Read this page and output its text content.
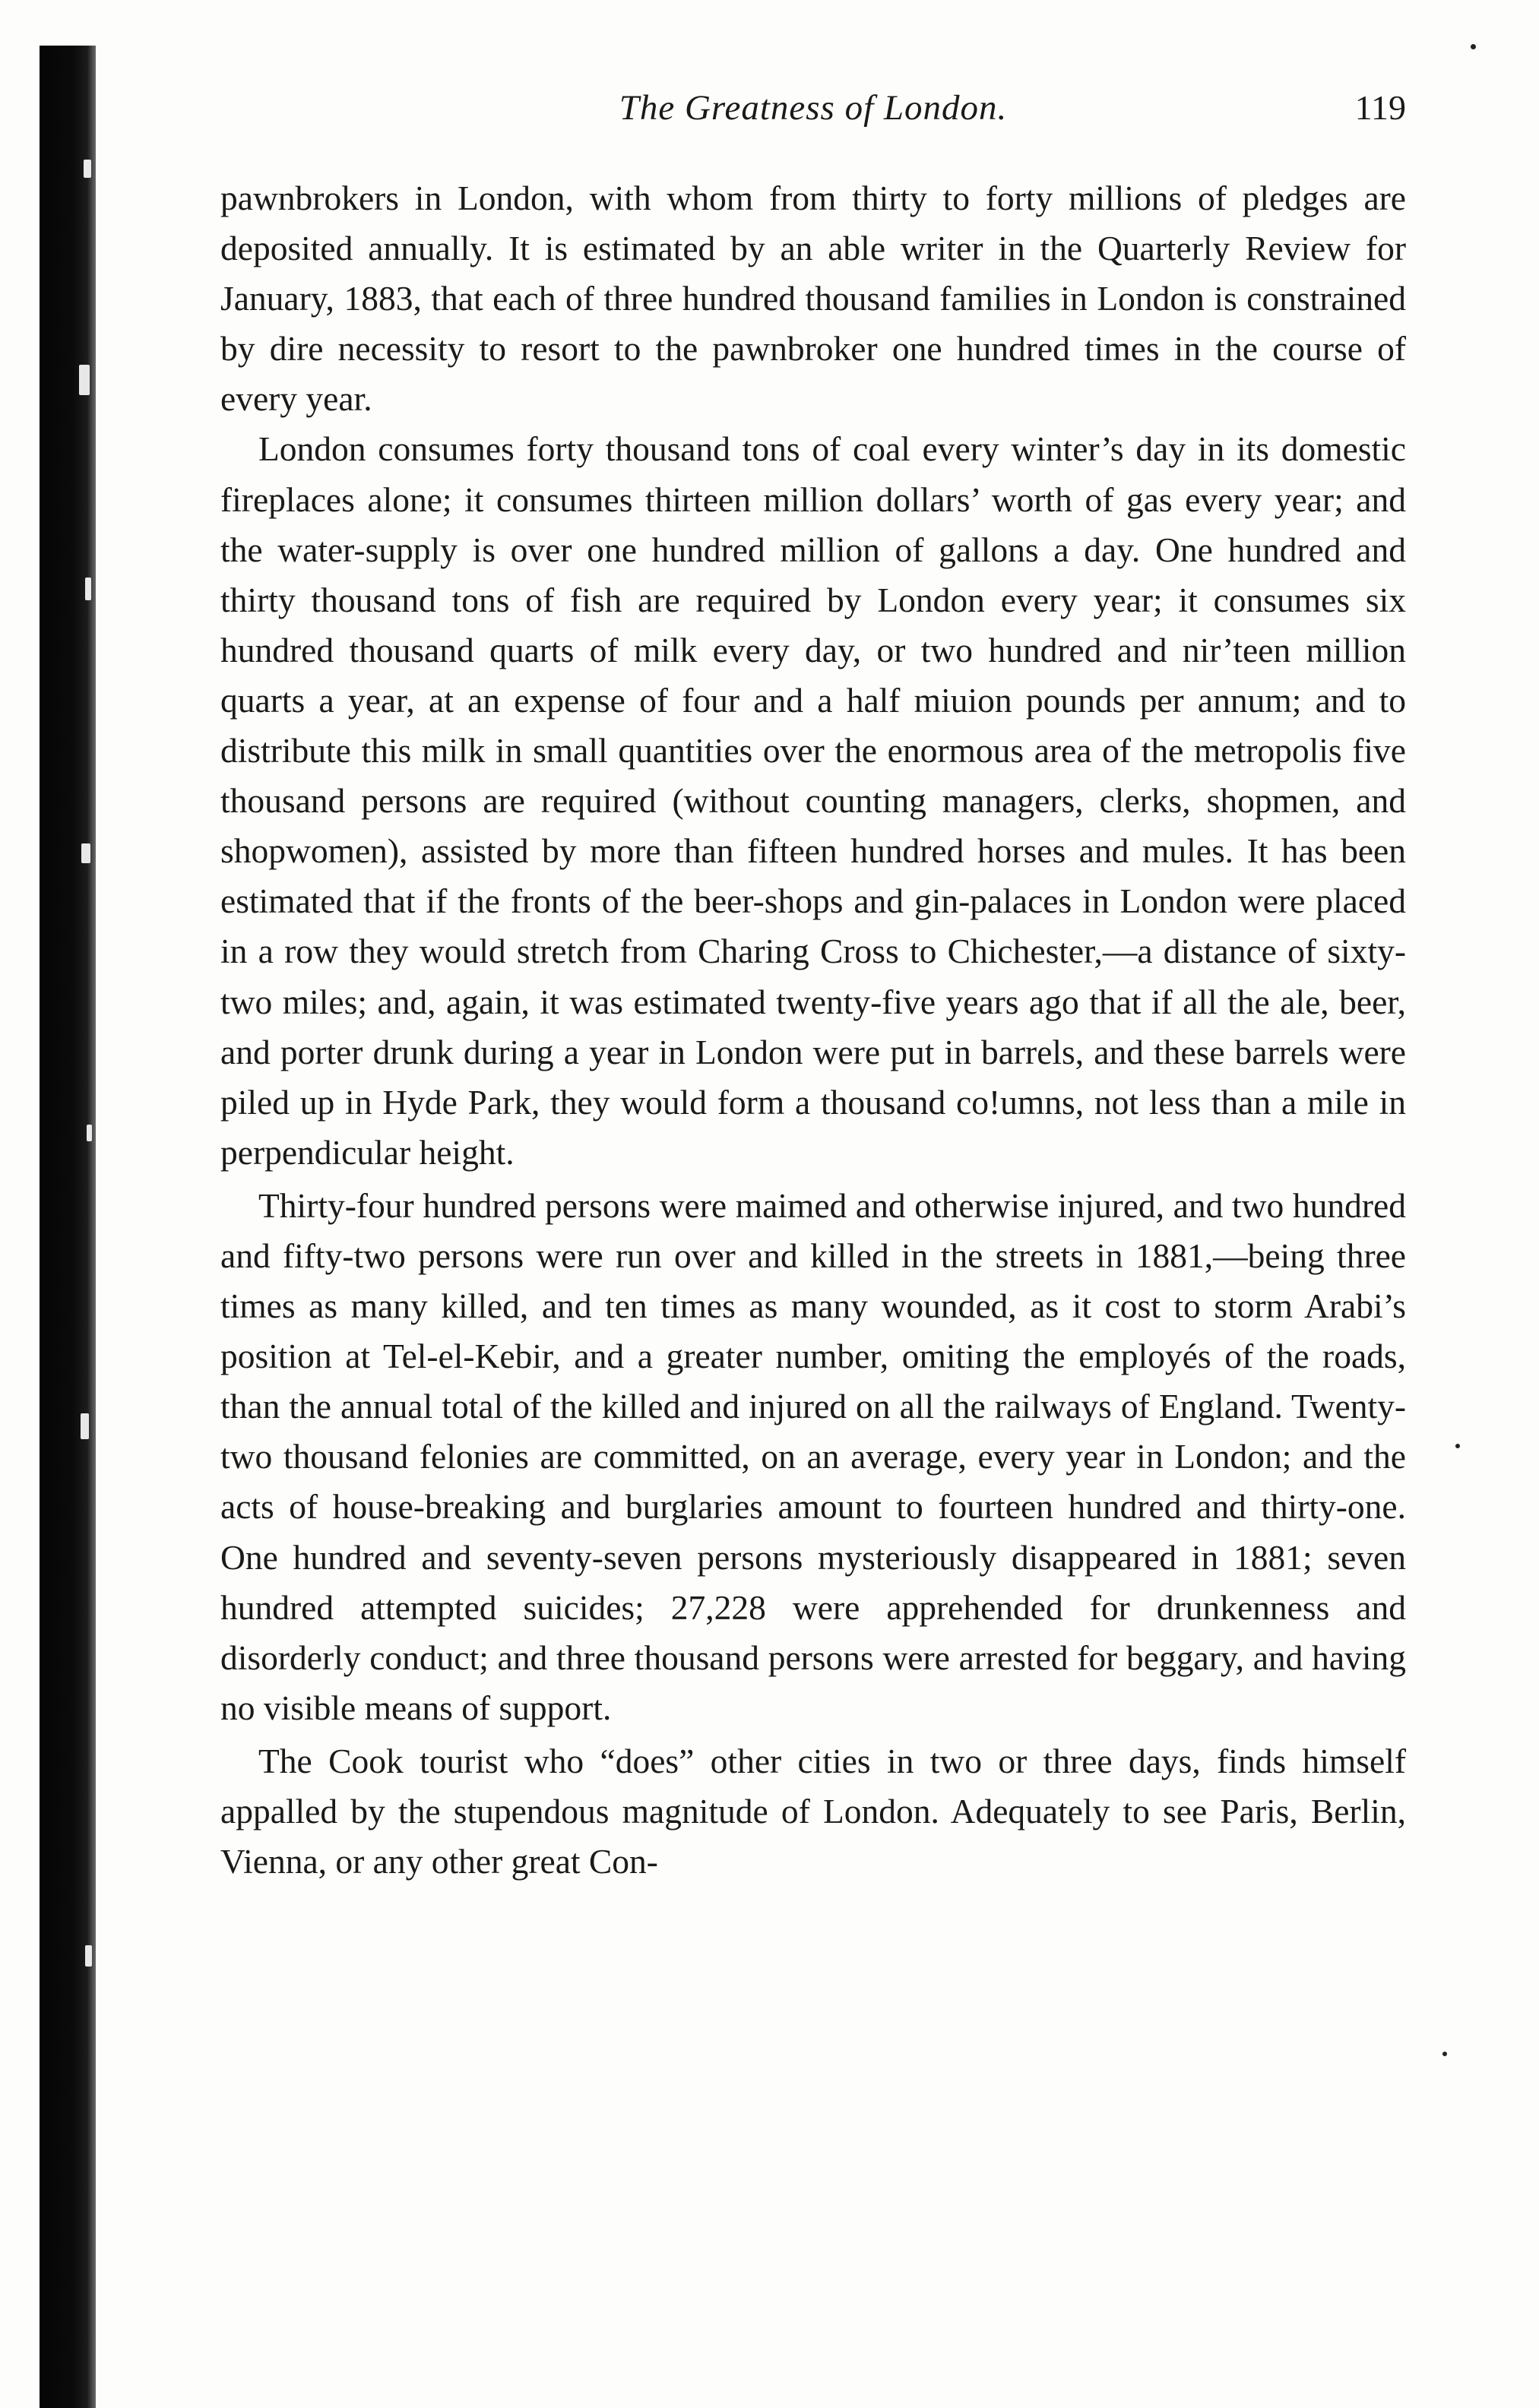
The Greatness of London.	119

pawnbrokers in London, with whom from thirty to forty millions of pledges are deposited annually. It is estimated by an able writer in the Quarterly Review for January, 1883, that each of three hundred thousand families in London is constrained by dire necessity to resort to the pawnbroker one hundred times in the course of every year.

London consumes forty thousand tons of coal every winter’s day in its domestic fireplaces alone; it consumes thirteen million dollars’ worth of gas every year; and the water-supply is over one hundred million of gallons a day. One hundred and thirty thousand tons of fish are required by London every year; it consumes six hundred thousand quarts of milk every day, or two hundred and nir’teen million quarts a year, at an expense of four and a half miuion pounds per annum; and to distribute this milk in small quantities over the enormous area of the metropolis five thousand persons are required (without counting managers, clerks, shopmen, and shopwomen), assisted by more than fifteen hundred horses and mules. It has been estimated that if the fronts of the beer-shops and gin-palaces in London were placed in a row they would stretch from Charing Cross to Chichester,—a distance of sixty-two miles; and, again, it was estimated twenty-five years ago that if all the ale, beer, and porter drunk during a year in London were put in barrels, and these barrels were piled up in Hyde Park, they would form a thousand co!umns, not less than a mile in perpendicular height.

Thirty-four hundred persons were maimed and otherwise injured, and two hundred and fifty-two persons were run over and killed in the streets in 1881,—being three times as many killed, and ten times as many wounded, as it cost to storm Arabi’s position at Tel-el-Kebir, and a greater number, omiting the employés of the roads, than the annual total of the killed and injured on all the railways of England. Twenty-two thousand felonies are committed, on an average, every year in London; and the acts of house-breaking and burglaries amount to fourteen hundred and thirty-one. One hundred and seventy-seven persons mysteriously disappeared in 1881; seven hundred attempted suicides; 27,228 were apprehended for drunkenness and disorderly conduct; and three thousand persons were arrested for beggary, and having no visible means of support.

The Cook tourist who “does” other cities in two or three days, finds himself appalled by the stupendous magnitude of London. Adequately to see Paris, Berlin, Vienna, or any other great Con-
